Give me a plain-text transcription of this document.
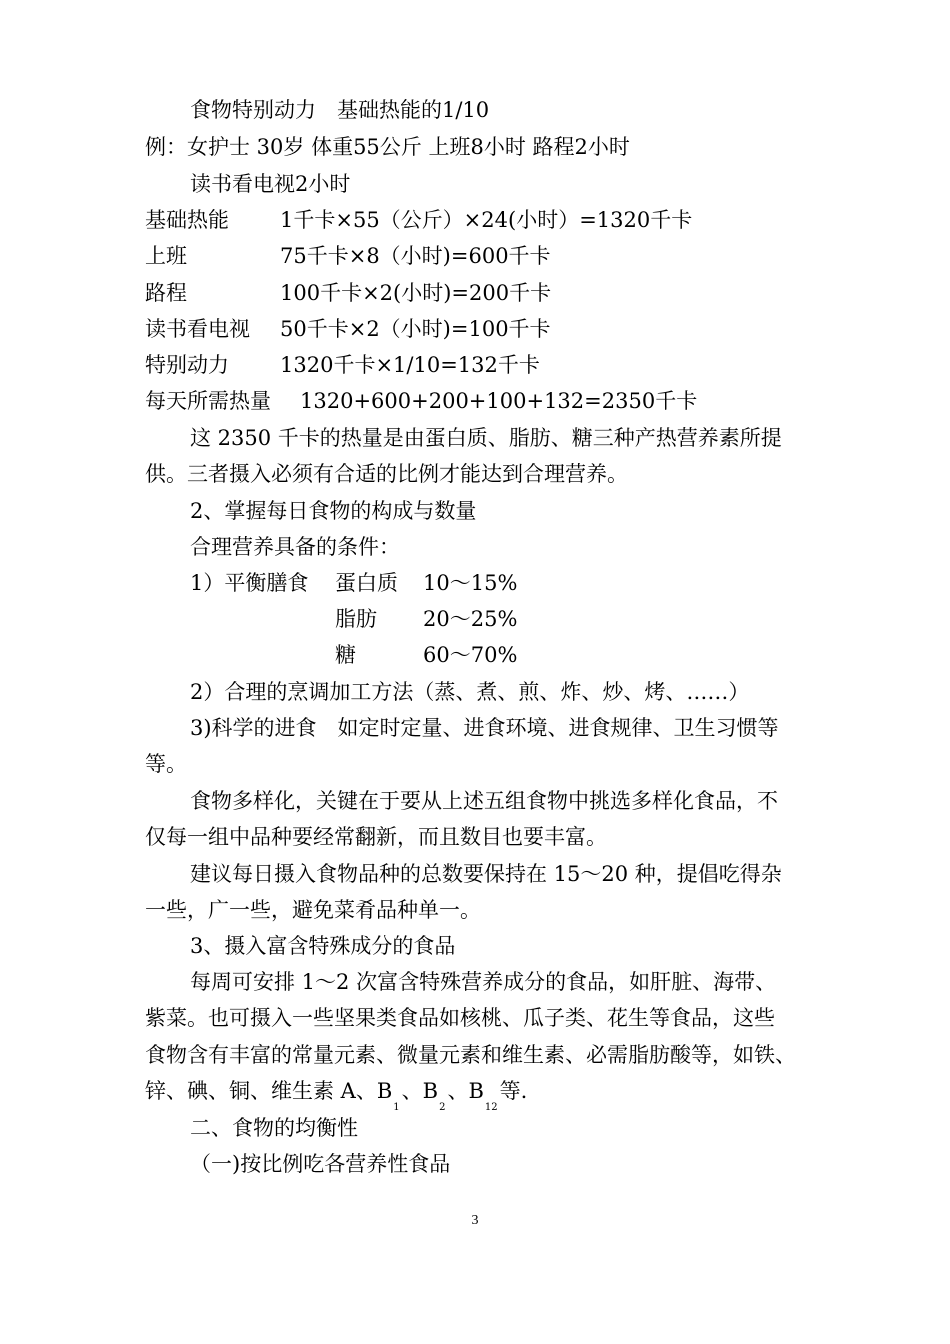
食物特别动力　基础热能的1/10
例：女护士 30岁 体重55公斤 上班8小时 路程2小时
读书看电视2小时
基础热能 1千卡×55（公斤）×24(小时）=1320千卡
上班	75千卡×8（小时)=600千卡
路程	100千卡×2(小时)=200千卡
读书看电视 50千卡×2（小时)=100千卡
特别动力 1320千卡×1/10=132千卡
每天所需热量 1320+600+200+100+132=2350千卡
这 2350 千卡的热量是由蛋白质、脂肪、糖三种产热营养素所提
供。三者摄入必须有合适的比例才能达到合理营养。
2、掌握每日食物的构成与数量
合理营养具备的条件：
1）平衡膳食 蛋白质 10～15%
脂肪 20～25%
糖	60～70%
2）合理的烹调加工方法（蒸、煮、煎、炸、炒、烤、……）
3)科学的进食　如定时定量、进食环境、进食规律、卫生习惯等
等。
食物多样化，关键在于要从上述五组食物中挑选多样化食品，不
仅每一组中品种要经常翻新，而且数目也要丰富。
建议每日摄入食物品种的总数要保持在 15～20 种，提倡吃得杂
一些，广一些，避免菜肴品种单一。
3、摄入富含特殊成分的食品
每周可安排 1～2 次富含特殊营养成分的食品，如肝脏、海带、
紫菜。也可摄入一些坚果类食品如核桃、瓜子类、花生等食品，这些
食物含有丰富的常量元素、微量元素和维生素、必需脂肪酸等，如铁、
锌、碘、铜、维生素 A、$B_1$、$B_2$、$B_{12}$等.
二、食物的均衡性
（一)按比例吃各营养性食品
3
